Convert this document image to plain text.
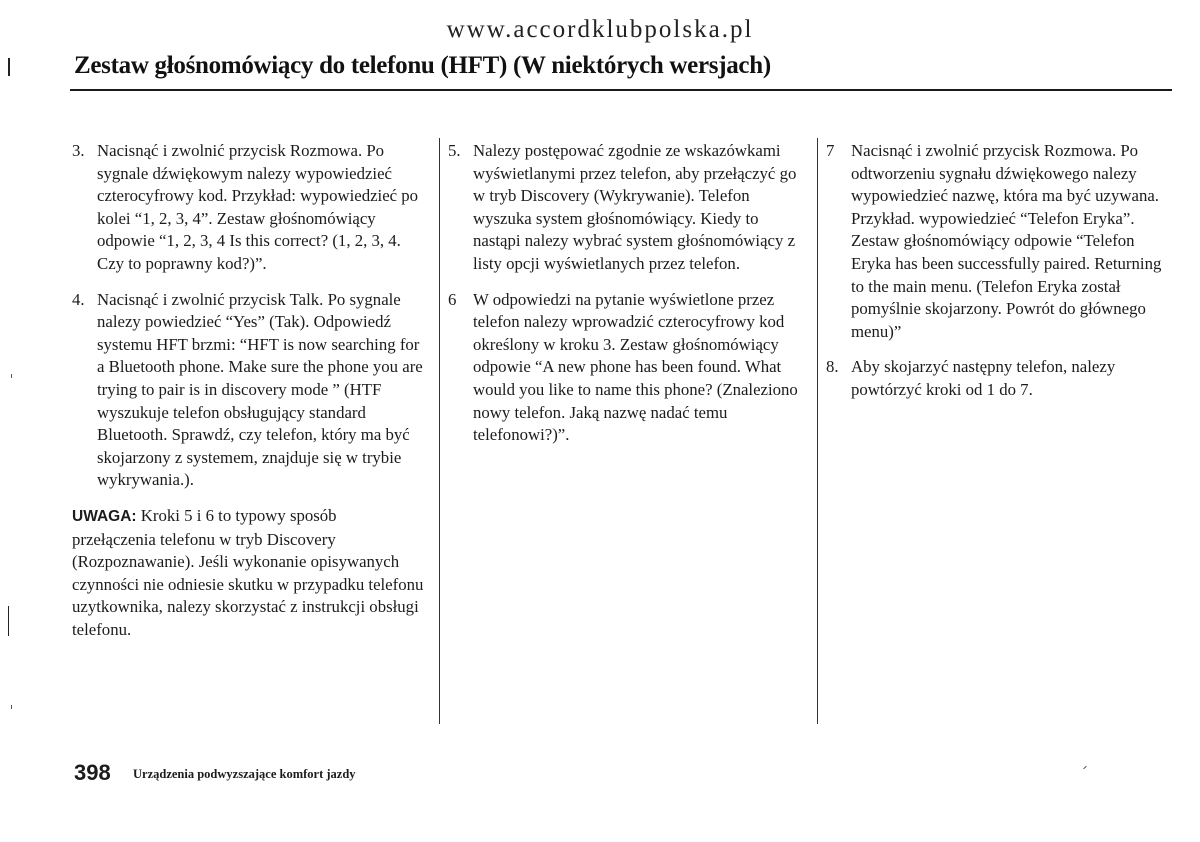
www.accordklubpolska.pl
Zestaw głośnomówiący do telefonu (HFT) (W niektórych wersjach)
3. Nacisnąć i zwolnić przycisk Rozmowa. Po sygnale dźwiękowym nalezy wypowiedzieć czterocyfrowy kod. Przykład: wypowiedzieć po kolei “1, 2, 3, 4”. Zestaw głośnomówiący odpowie “1, 2, 3, 4 Is this correct? (1, 2, 3, 4. Czy to poprawny kod?)”.
4. Nacisnąć i zwolnić przycisk Talk. Po sygnale nalezy powiedzieć “Yes” (Tak). Odpowiedź systemu HFT brzmi: “HFT is now searching for a Bluetooth phone. Make sure the phone you are trying to pair is in discovery mode ” (HTF wyszukuje telefon obsługujący standard Bluetooth. Sprawdź, czy telefon, który ma być skojarzony z systemem, znajduje się w trybie wykrywania.).
UWAGA: Kroki 5 i 6 to typowy sposób przełączenia telefonu w tryb Discovery (Rozpoznawanie). Jeśli wykonanie opisywanych czynności nie odniesie skutku w przypadku telefonu uzytkownika, nalezy skorzystać z instrukcji obsługi telefonu.
5. Nalezy postępować zgodnie ze wskazówkami wyświetlanymi przez telefon, aby przełączyć go w tryb Discovery (Wykrywanie). Telefon wyszuka system głośnomówiący. Kiedy to nastąpi nalezy wybrać system głośnomówiący z listy opcji wyświetlanych przez telefon.
6 W odpowiedzi na pytanie wyświetlone przez telefon nalezy wprowadzić czterocyfrowy kod określony w kroku 3. Zestaw głośnomówiący odpowie “A new phone has been found. What would you like to name this phone? (Znaleziono nowy telefon. Jaką nazwę nadać temu telefonowi?)”.
7 Nacisnąć i zwolnić przycisk Rozmowa. Po odtworzeniu sygnału dźwiękowego nalezy wypowiedzieć nazwę, która ma być uzywana. Przykład. wypowiedzieć “Telefon Eryka”. Zestaw głośnomówiący odpowie “Telefon Eryka has been successfully paired. Returning to the main menu. (Telefon Eryka został pomyślnie skojarzony. Powrót do głównego menu)”
8. Aby skojarzyć następny telefon, nalezy powtórzyć kroki od 1 do 7.
398 Urządzenia podwyzszające komfort jazdy
